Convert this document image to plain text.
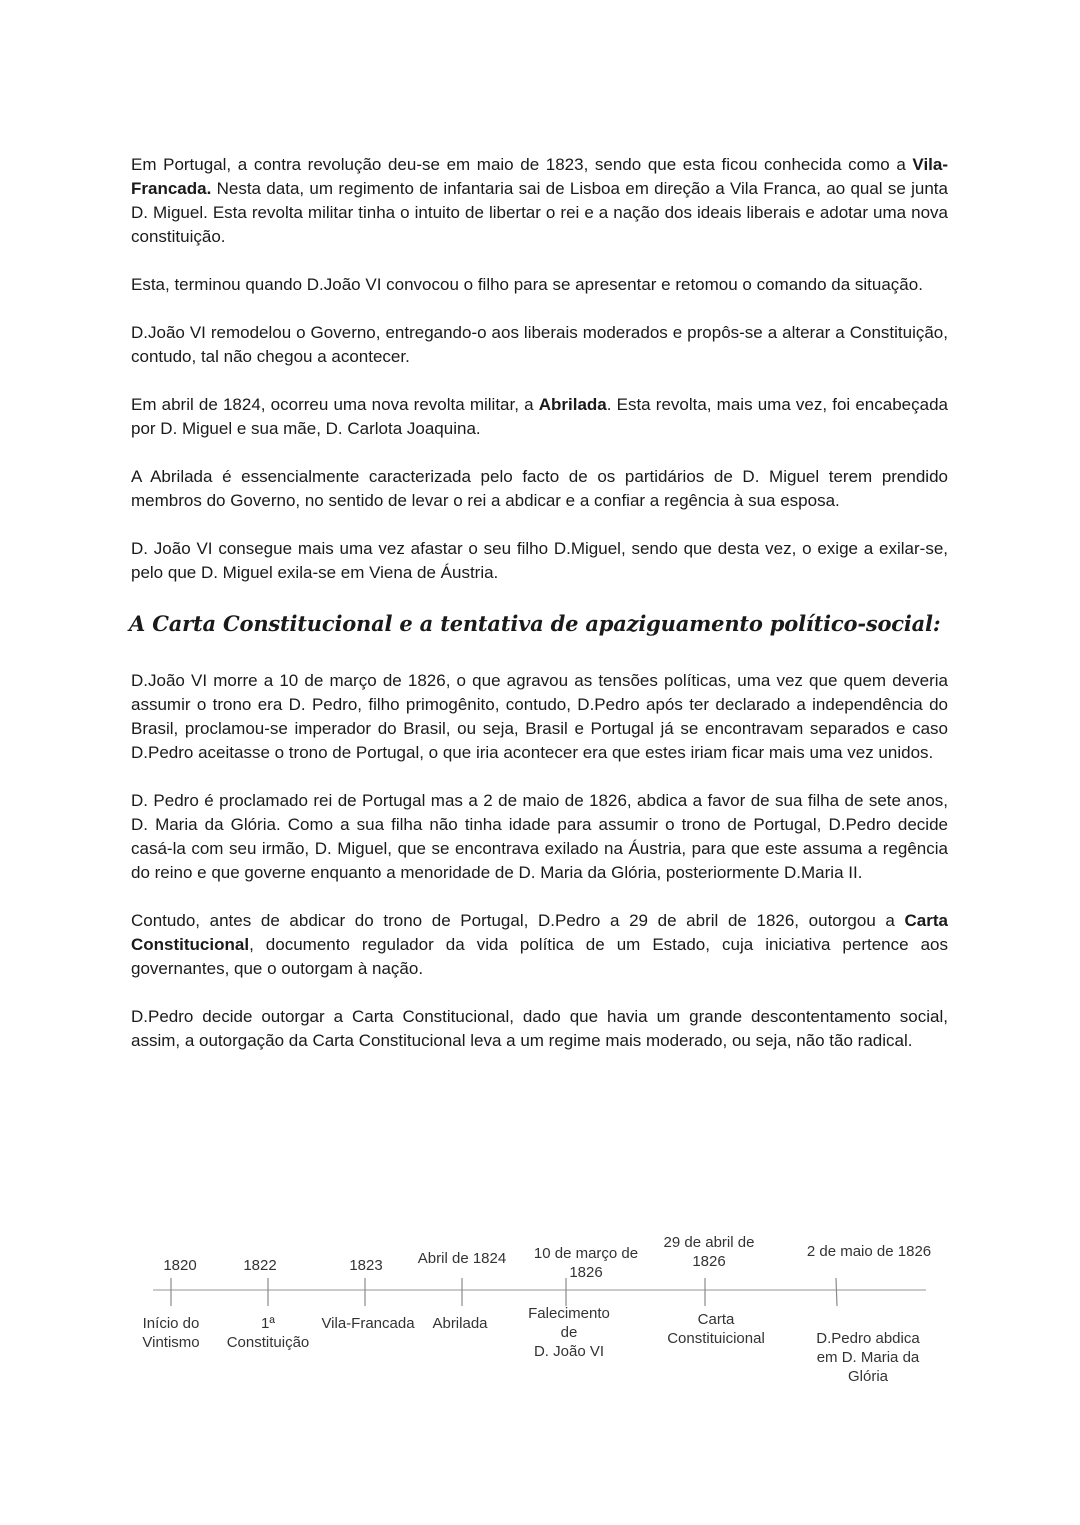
Em Portugal, a contra revolução deu-se em maio de 1823, sendo que esta ficou conhecida como a Vila-Francada. Nesta data, um regimento de infantaria sai de Lisboa em direção a Vila Franca, ao qual se junta D. Miguel. Esta revolta militar tinha o intuito de libertar o rei e a nação dos ideais liberais e adotar uma nova constituição.

Esta, terminou quando D.João VI convocou o filho para se apresentar e retomou o comando da situação.

D.João VI remodelou o Governo, entregando-o aos liberais moderados e propôs-se a alterar a Constituição, contudo, tal não chegou a acontecer.

Em abril de 1824, ocorreu uma nova revolta militar, a Abrilada. Esta revolta, mais uma vez, foi encabeçada por D. Miguel e sua mãe, D. Carlota Joaquina.

A Abrilada é essencialmente caracterizada pelo facto de os partidários de D. Miguel terem prendido membros do Governo, no sentido de levar o rei a abdicar e a confiar a regência à sua esposa.

D. João VI consegue mais uma vez afastar o seu filho D.Miguel, sendo que desta vez, o exige a exilar-se, pelo que D. Miguel exila-se em Viena de Áustria.

A Carta Constitucional e a tentativa de apaziguamento político-social:

D.João VI morre a 10 de março de 1826, o que agravou as tensões políticas, uma vez que quem deveria assumir o trono era D. Pedro, filho primogênito, contudo, D.Pedro após ter declarado a independência do Brasil, proclamou-se imperador do Brasil, ou seja, Brasil e Portugal já se encontravam separados e caso D.Pedro aceitasse o trono de Portugal, o que iria acontecer era que estes iriam ficar mais uma vez unidos.

D. Pedro é proclamado rei de Portugal mas a 2 de maio de 1826, abdica a favor de sua filha de sete anos, D. Maria da Glória. Como a sua filha não tinha idade para assumir o trono de Portugal, D.Pedro decide casá-la com seu irmão, D. Miguel, que se encontrava exilado na Áustria, para que este assuma a regência do reino e que governe enquanto a menoridade de D. Maria da Glória, posteriormente D.Maria II.

Contudo, antes de abdicar do trono de Portugal, D.Pedro a 29 de abril de 1826, outorgou a Carta Constitucional, documento regulador da vida política de um Estado, cuja iniciativa pertence aos governantes, que o outorgam à nação.

D.Pedro decide outorgar a Carta Constitucional, dado que havia um grande descontentamento social, assim, a outorgação da Carta Constitucional leva a um regime mais moderado, ou seja, não tão radical.

1820
Início do
Vintismo
1822
1ª
Constituição
1823
Vila-Francada
Abril de 1824
Abrilada
10 de março de
1826
Falecimento
de
D. João VI
29 de abril de
1826
Carta
Constituicional
2 de maio de 1826
D.Pedro abdica
em D. Maria da
Glória
